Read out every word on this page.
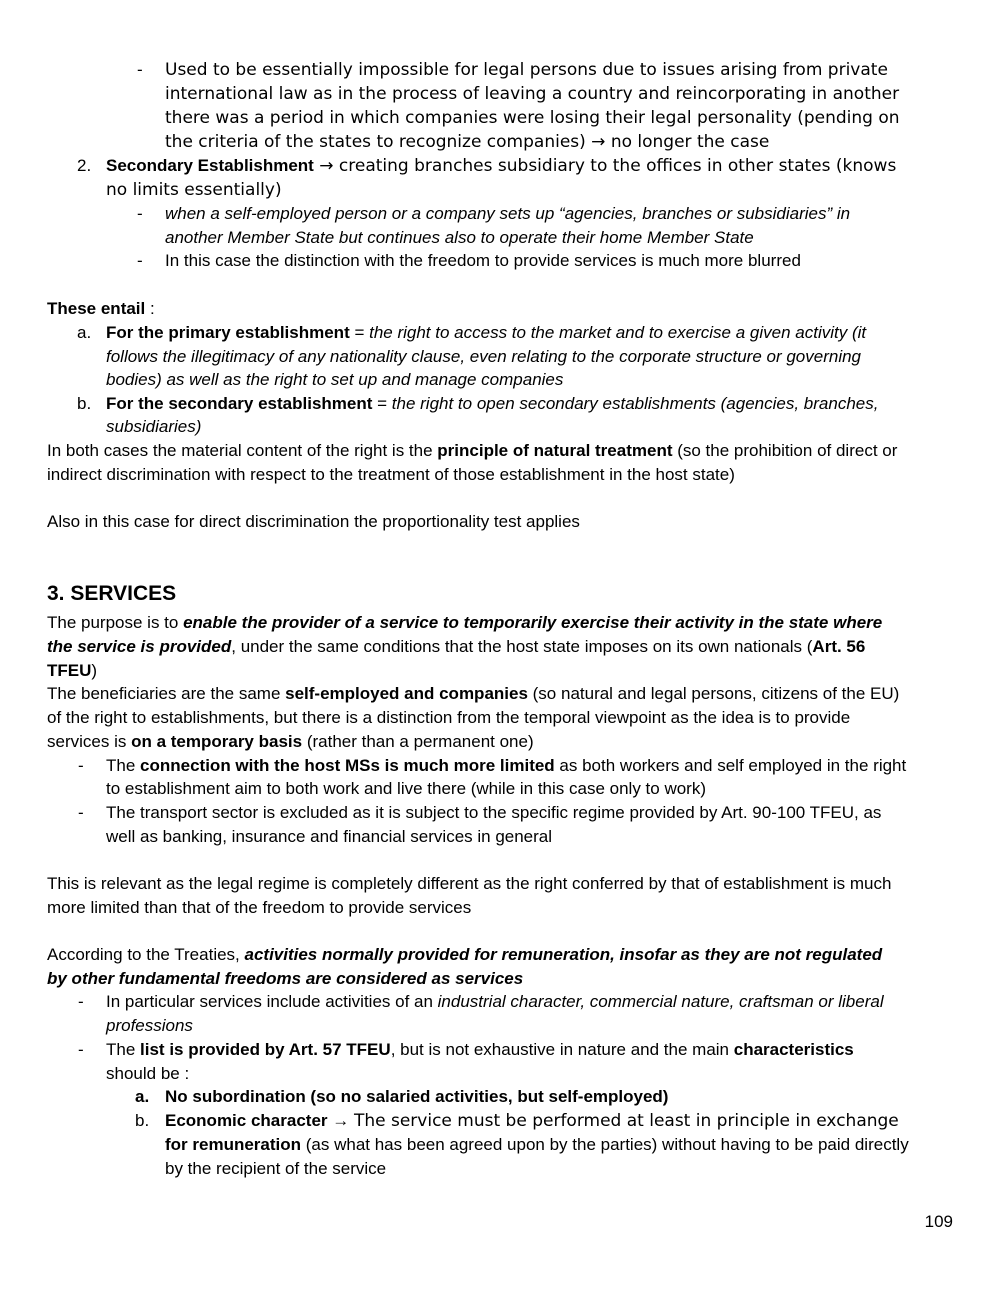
- Used to be essentially impossible for legal persons due to issues arising from private
international law as in the process of leaving a country and reincorporating in another
there was a period in which companies were losing their legal personality (pending on
the criteria of the states to recognize companies) → no longer the case
2. Secondary Establishment → creating branches subsidiary to the offices in other states (knows
no limits essentially)
- when a self-employed person or a company sets up “agencies, branches or subsidiaries” in
another Member State but continues also to operate their home Member State
- In this case the distinction with the freedom to provide services is much more blurred
These entail :
a. For the primary establishment = the right to access to the market and to exercise a given activity (it
follows the illegitimacy of any nationality clause, even relating to the corporate structure or governing
bodies) as well as the right to set up and manage companies
b. For the secondary establishment = the right to open secondary establishments (agencies, branches,
subsidiaries)
In both cases the material content of the right is the principle of natural treatment (so the prohibition of direct or
indirect discrimination with respect to the treatment of those establishment in the host state)
Also in this case for direct discrimination the proportionality test applies
3. SERVICES
The purpose is to enable the provider of a service to temporarily exercise their activity in the state where
the service is provided, under the same conditions that the host state imposes on its own nationals (Art. 56
TFEU)
The beneficiaries are the same self-employed and companies (so natural and legal persons, citizens of the EU)
of the right to establishments, but there is a distinction from the temporal viewpoint as the idea is to provide
services is on a temporary basis (rather than a permanent one)
- The connection with the host MSs is much more limited as both workers and self employed in the right
to establishment aim to both work and live there (while in this case only to work)
- The transport sector is excluded as it is subject to the specific regime provided by Art. 90-100 TFEU, as
well as banking, insurance and financial services in general
This is relevant as the legal regime is completely different as the right conferred by that of establishment is much
more limited than that of the freedom to provide services
According to the Treaties, activities normally provided for remuneration, insofar as they are not regulated
by other fundamental freedoms are considered as services
- In particular services include activities of an industrial character, commercial nature, craftsman or liberal
professions
- The list is provided by Art. 57 TFEU, but is not exhaustive in nature and the main characteristics
should be :
a. No subordination (so no salaried activities, but self-employed)
b. Economic character → The service must be performed at least in principle in exchange
for remuneration (as what has been agreed upon by the parties) without having to be paid directly
by the recipient of the service
109
